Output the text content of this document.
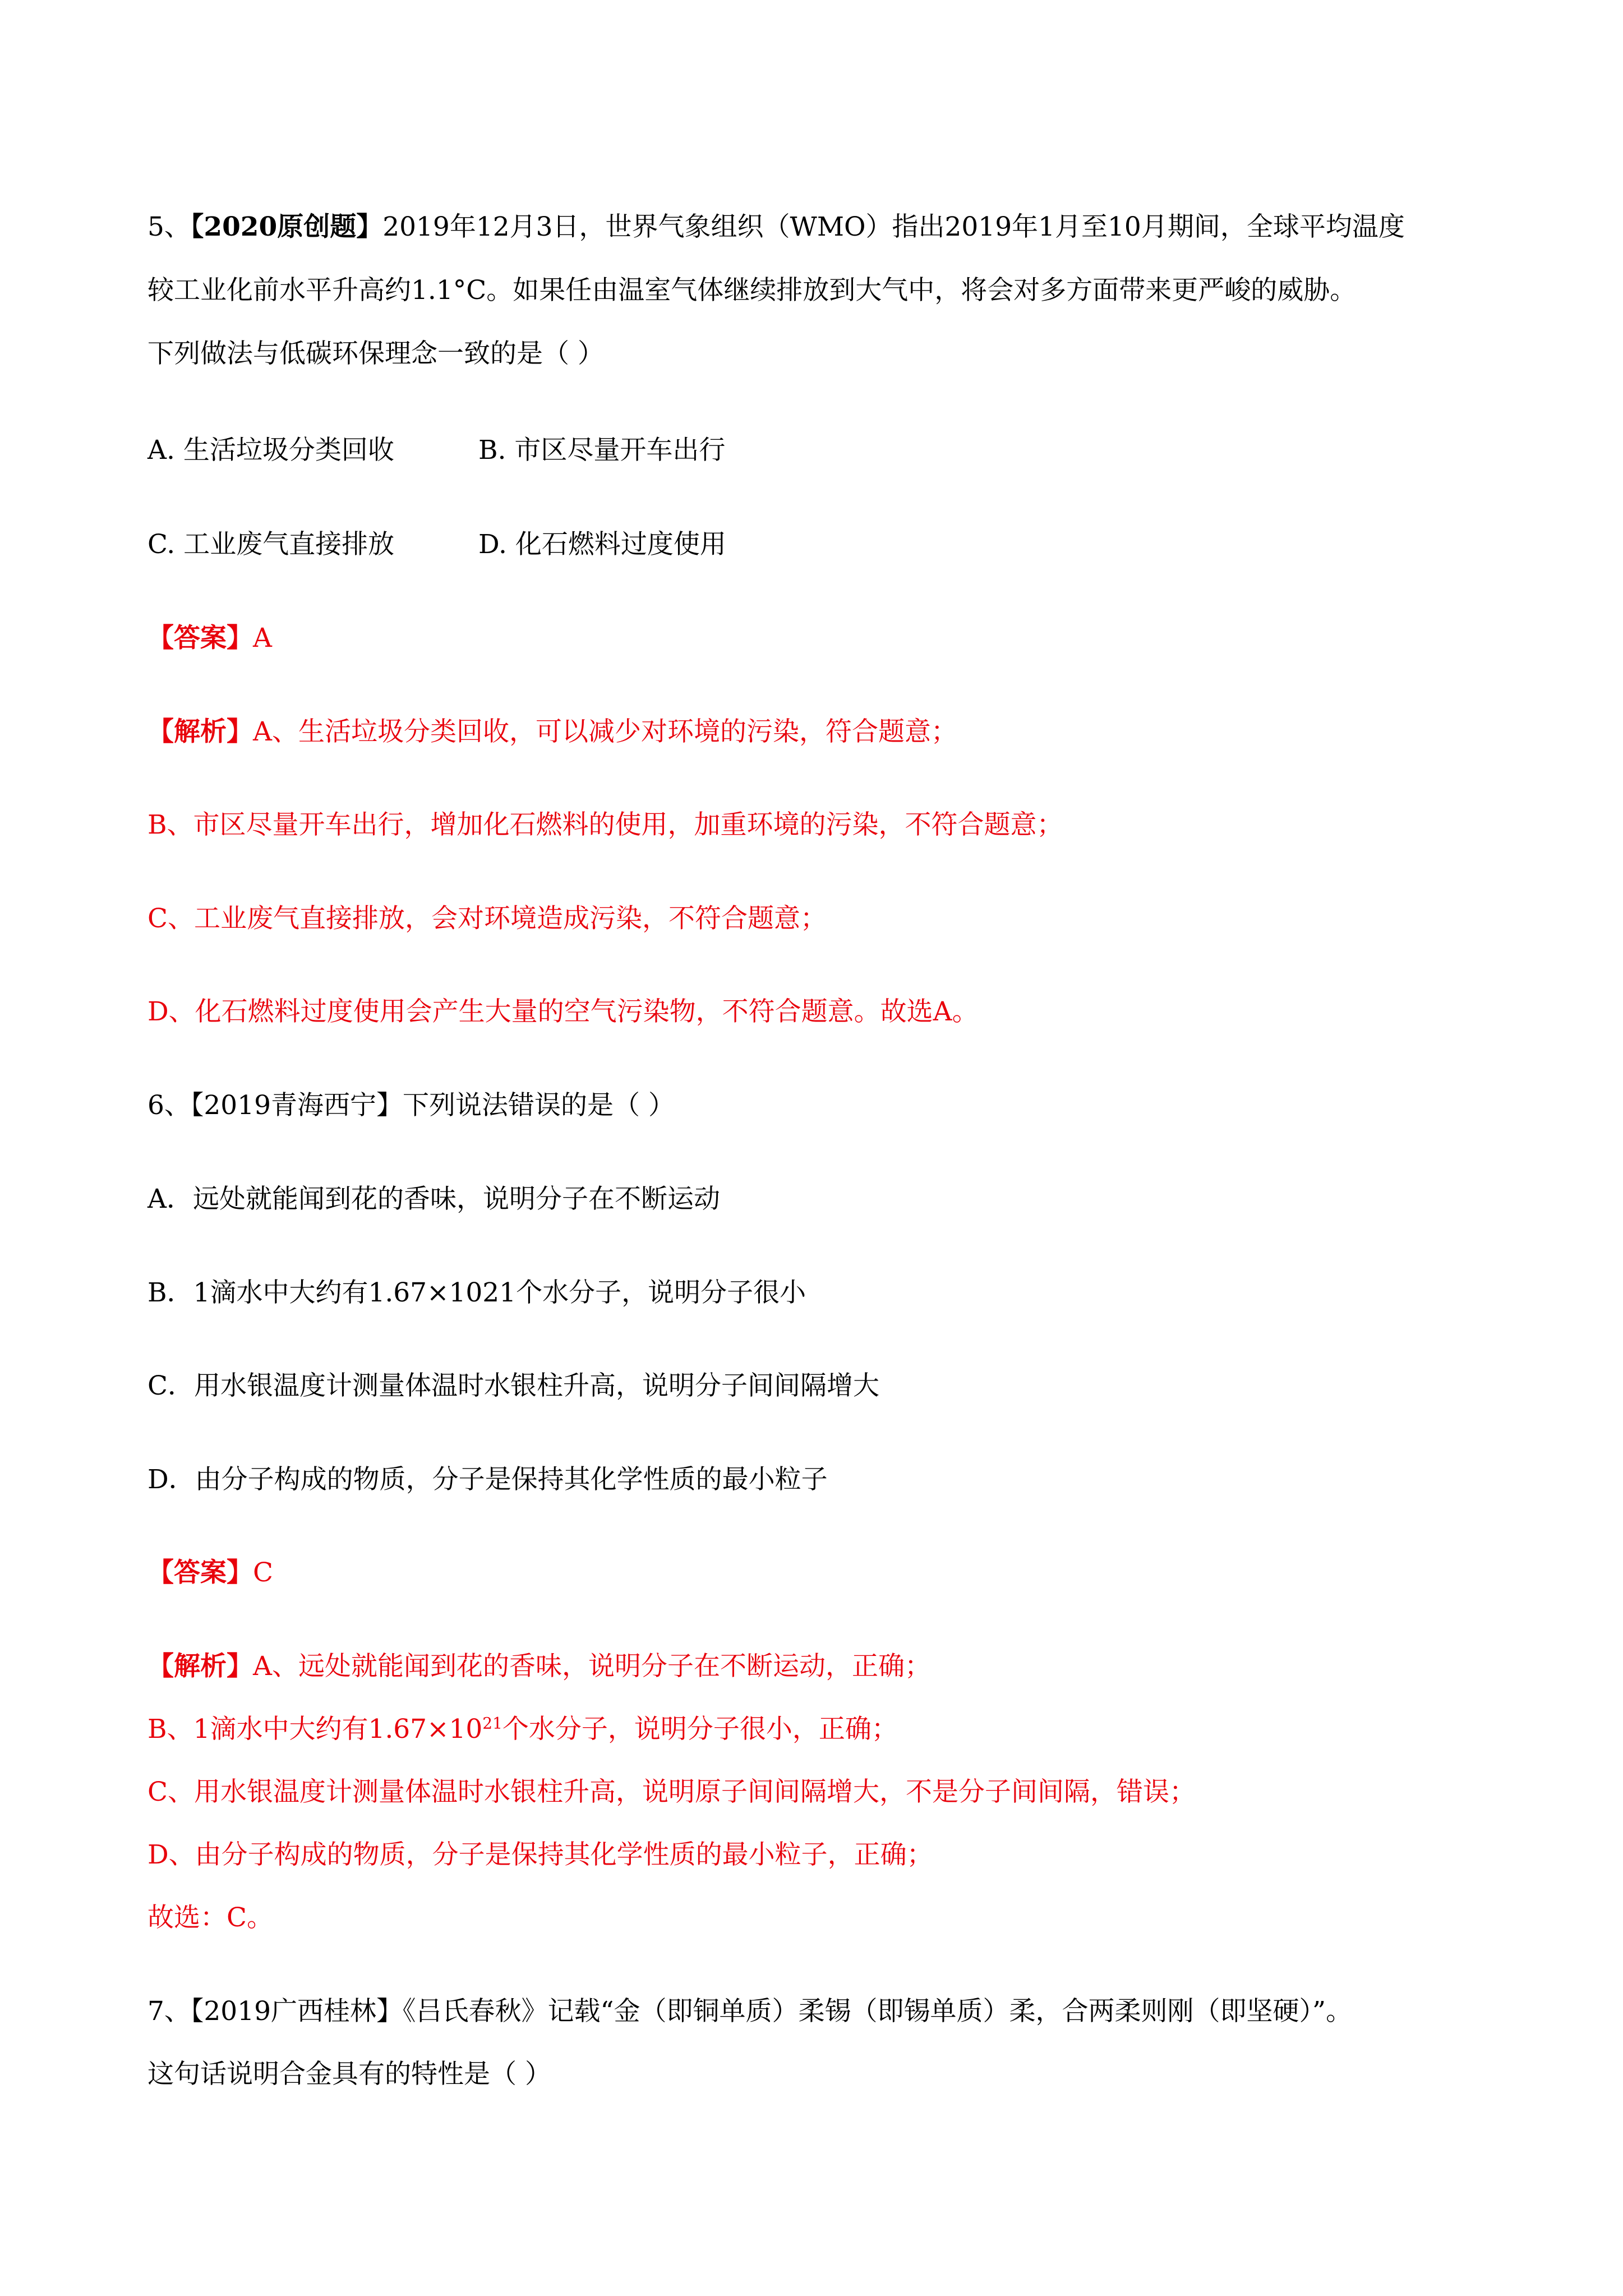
5、【2020原创题】2019年12月3日，世界气象组织（WMO）指出2019年1月至10月期间，全球平均温度

较工业化前水平升高约1.1°C。如果任由温室气体继续排放到大气中，将会对多方面带来更严峻的威胁。

下列做法与低碳环保理念一致的是（ ）

A. 生活垃圾分类回收	B. 市区尽量开车出行

C. 工业废气直接排放	D. 化石燃料过度使用

【答案】A

【解析】A、生活垃圾分类回收，可以减少对环境的污染，符合题意；

B、市区尽量开车出行，增加化石燃料的使用，加重环境的污染，不符合题意；

C、工业废气直接排放，会对环境造成污染，不符合题意；

D、化石燃料过度使用会产生大量的空气污染物，不符合题意。故选A。

6、【2019青海西宁】下列说法错误的是（ ）

A．远处就能闻到花的香味，说明分子在不断运动

B．1滴水中大约有1.67×1021个水分子，说明分子很小

C．用水银温度计测量体温时水银柱升高，说明分子间间隔增大

D．由分子构成的物质，分子是保持其化学性质的最小粒子

【答案】C

【解析】A、远处就能闻到花的香味，说明分子在不断运动，正确；

B、1滴水中大约有$1.67\times 10^{21}$个水分子，说明分子很小，正确；

C、用水银温度计测量体温时水银柱升高，说明原子间间隔增大，不是分子间间隔，错误；

D、由分子构成的物质，分子是保持其化学性质的最小粒子，正确；

故选：C。

7、【2019广西桂林】《吕氏春秋》记载“金（即铜单质）柔锡（即锡单质）柔，合两柔则刚（即坚硬）”。

这句话说明合金具有的特性是（ ）
